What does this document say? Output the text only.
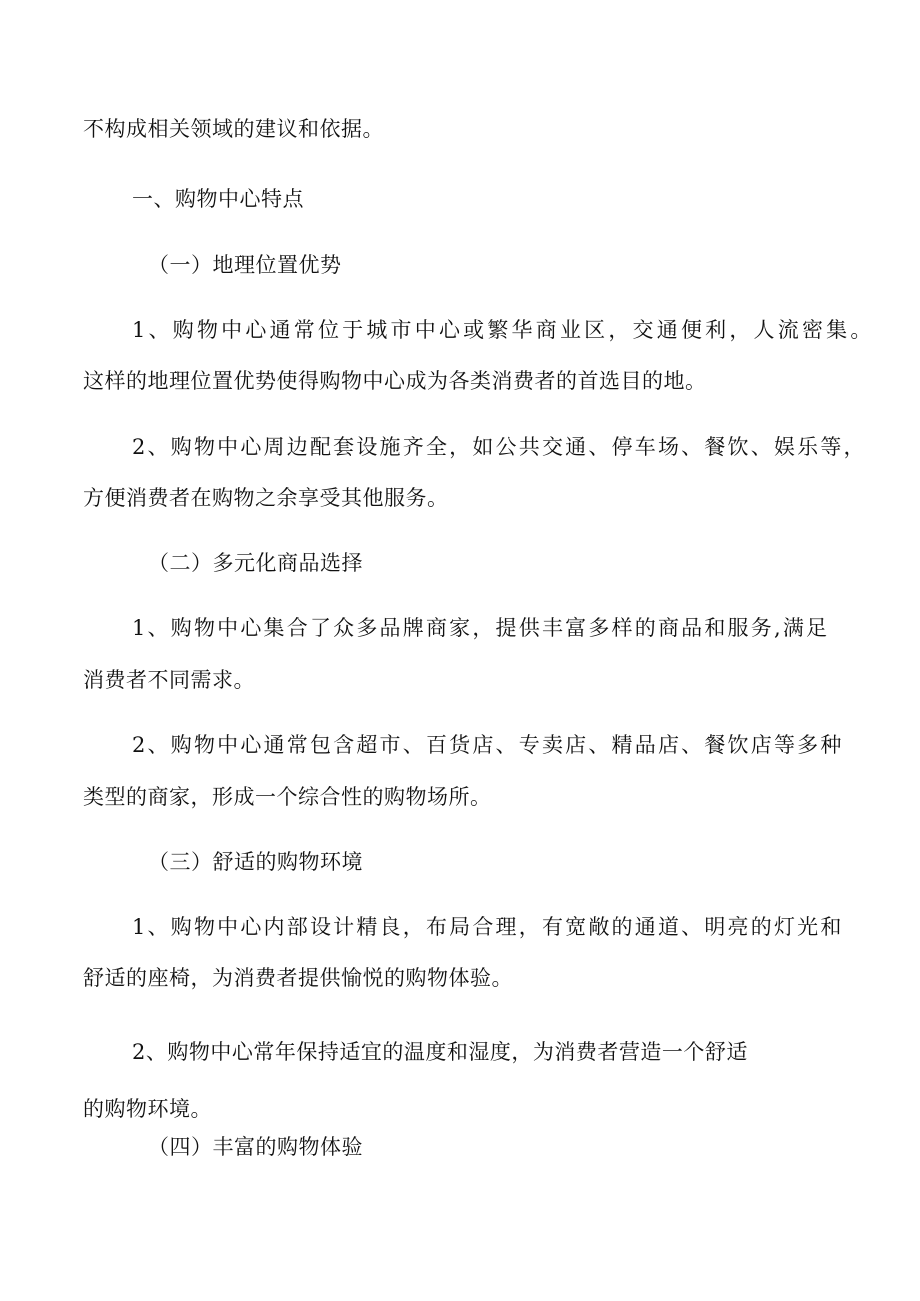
不构成相关领域的建议和依据。

一、购物中心特点

（一）地理位置优势

1、购物中心通常位于城市中心或繁华商业区，交通便利，人流密集。

这样的地理位置优势使得购物中心成为各类消费者的首选目的地。

2、购物中心周边配套设施齐全，如公共交通、停车场、餐饮、娱乐等，

方便消费者在购物之余享受其他服务。

（二）多元化商品选择

1、购物中心集合了众多品牌商家，提供丰富多样的商品和服务,满足

消费者不同需求。

2、购物中心通常包含超市、百货店、专卖店、精品店、餐饮店等多种

类型的商家，形成一个综合性的购物场所。

（三）舒适的购物环境

1、购物中心内部设计精良，布局合理，有宽敞的通道、明亮的灯光和

舒适的座椅，为消费者提供愉悦的购物体验。

2、购物中心常年保持适宜的温度和湿度，为消费者营造一个舒适

的购物环境。

（四）丰富的购物体验
